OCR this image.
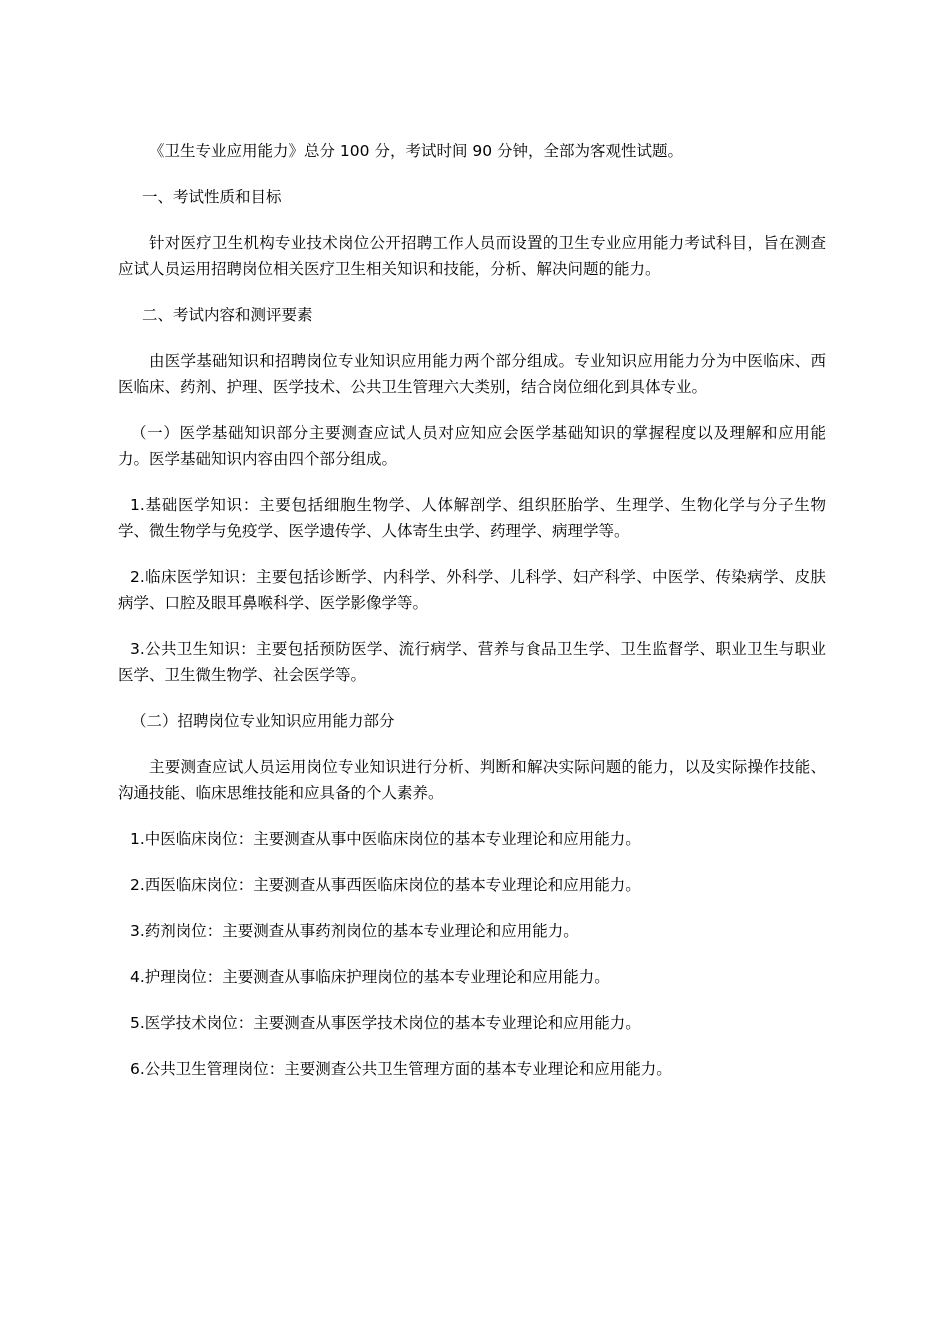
《卫生专业应用能力》总分 100 分，考试时间 90 分钟，全部为客观性试题。

一、考试性质和目标

针对医疗卫生机构专业技术岗位公开招聘工作人员而设置的卫生专业应用能力考试科目，旨在测查应试人员运用招聘岗位相关医疗卫生相关知识和技能，分析、解决问题的能力。

二、考试内容和测评要素

由医学基础知识和招聘岗位专业知识应用能力两个部分组成。专业知识应用能力分为中医临床、西医临床、药剂、护理、医学技术、公共卫生管理六大类别，结合岗位细化到具体专业。

（一）医学基础知识部分主要测查应试人员对应知应会医学基础知识的掌握程度以及理解和应用能力。医学基础知识内容由四个部分组成。

1.基础医学知识：主要包括细胞生物学、人体解剖学、组织胚胎学、生理学、生物化学与分子生物学、微生物学与免疫学、医学遗传学、人体寄生虫学、药理学、病理学等。

2.临床医学知识：主要包括诊断学、内科学、外科学、儿科学、妇产科学、中医学、传染病学、皮肤病学、口腔及眼耳鼻喉科学、医学影像学等。

3.公共卫生知识：主要包括预防医学、流行病学、营养与食品卫生学、卫生监督学、职业卫生与职业医学、卫生微生物学、社会医学等。

（二）招聘岗位专业知识应用能力部分

主要测查应试人员运用岗位专业知识进行分析、判断和解决实际问题的能力，以及实际操作技能、沟通技能、临床思维技能和应具备的个人素养。

1.中医临床岗位：主要测查从事中医临床岗位的基本专业理论和应用能力。

2.西医临床岗位：主要测查从事西医临床岗位的基本专业理论和应用能力。

3.药剂岗位：主要测查从事药剂岗位的基本专业理论和应用能力。

4.护理岗位：主要测查从事临床护理岗位的基本专业理论和应用能力。

5.医学技术岗位：主要测查从事医学技术岗位的基本专业理论和应用能力。

6.公共卫生管理岗位：主要测查公共卫生管理方面的基本专业理论和应用能力。
